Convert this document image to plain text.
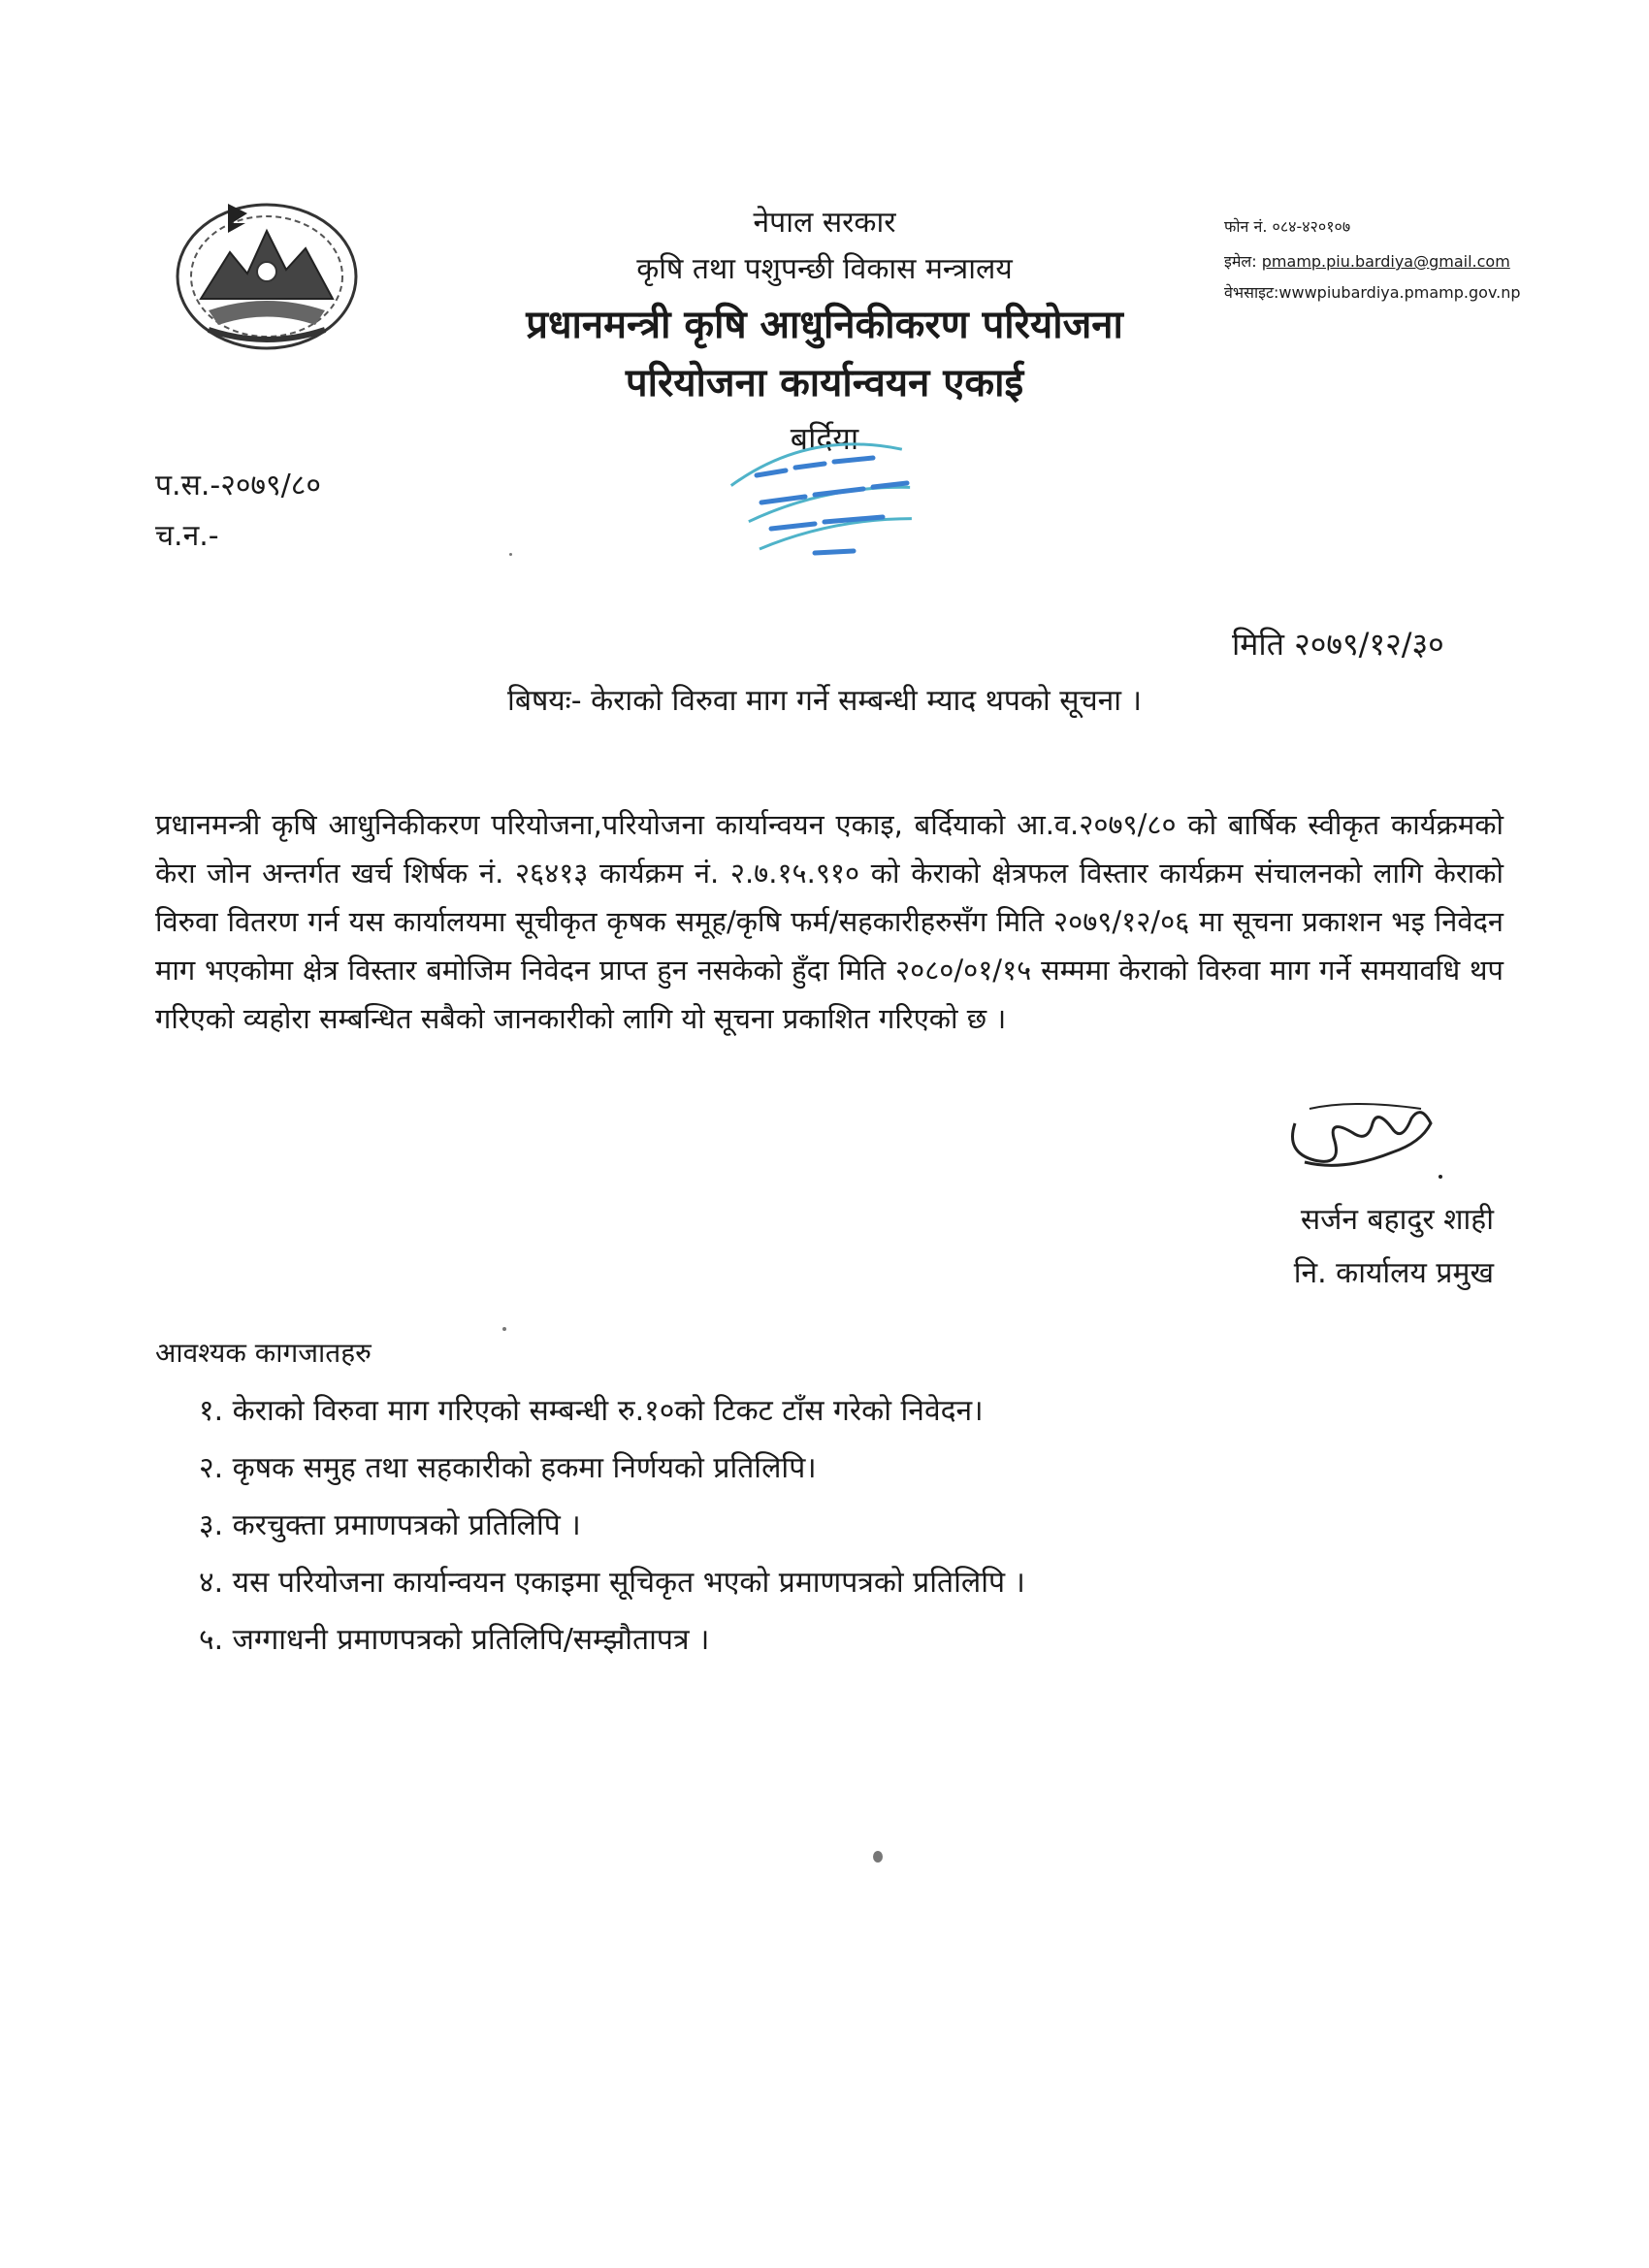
नेपाल सरकार
कृषि तथा पशुपन्छी विकास मन्त्रालय
प्रधानमन्त्री कृषि आधुनिकीकरण परियोजना
परियोजना कार्यान्वयन एकाई
बर्दिया
फोन नं. ०८४-४२०१०७
इमेल: pmamp.piu.bardiya@gmail.com
वेभसाइट:wwwpiubardiya.pmamp.gov.np
प.स.-२०७९/८०
च.न.-
मिति २०७९/१२/३०
बिषयः- केराको विरुवा माग गर्ने सम्बन्धी म्याद थपको सूचना ।
प्रधानमन्त्री कृषि आधुनिकीकरण परियोजना,परियोजना कार्यान्वयन एकाइ, बर्दियाको आ.व.२०७९/८० को बार्षिक स्वीकृत कार्यक्रमको केरा जोन अन्तर्गत खर्च शिर्षक नं. २६४१३ कार्यक्रम नं. २.७.१५.९१० को केराको क्षेत्रफल विस्तार कार्यक्रम संचालनको लागि केराको विरुवा वितरण गर्न यस कार्यालयमा सूचीकृत कृषक समूह/कृषि फर्म/सहकारीहरुसँग मिति २०७९/१२/०६ मा सूचना प्रकाशन भइ निवेदन माग भएकोमा क्षेत्र विस्तार बमोजिम निवेदन प्राप्त हुन नसकेको हुँदा मिति २०८०/०१/१५ सम्ममा केराको विरुवा माग गर्ने समयावधि थप गरिएको व्यहोरा सम्बन्धित सबैको जानकारीको लागि यो सूचना प्रकाशित गरिएको छ ।
सर्जन बहादुर शाही
नि. कार्यालय प्रमुख
आवश्यक कागजातहरु
१. केराको विरुवा माग गरिएको सम्बन्धी रु.१०को टिकट टाँस गरेको निवेदन।
२. कृषक समुह तथा सहकारीको हकमा निर्णयको प्रतिलिपि।
३. करचुक्ता प्रमाणपत्रको प्रतिलिपि ।
४. यस परियोजना कार्यान्वयन एकाइमा सूचिकृत भएको प्रमाणपत्रको प्रतिलिपि ।
५. जग्गाधनी प्रमाणपत्रको प्रतिलिपि/सम्झौतापत्र ।
